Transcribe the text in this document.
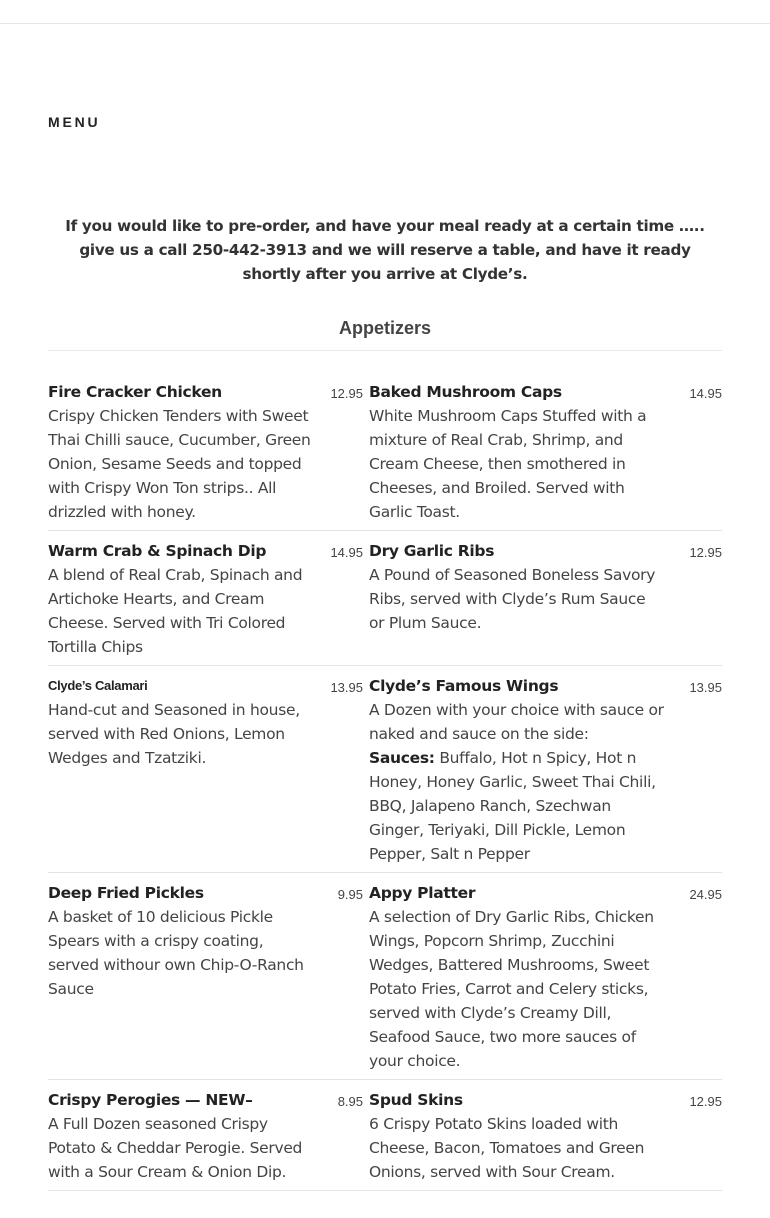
MENU
If you would like to pre-order, and have your meal ready at a certain time …..
give us a call 250-442-3913 and we will reserve a table, and have it ready shortly after you arrive at Clyde’s.
Appetizers
Fire Cracker Chicken	12.95
Crispy Chicken Tenders with Sweet Thai Chilli sauce, Cucumber, Green Onion, Sesame Seeds and topped with Crispy Won Ton strips.. All drizzled with honey.
Baked Mushroom Caps	14.95
White Mushroom Caps Stuffed with a mixture of Real Crab, Shrimp, and Cream Cheese, then smothered in Cheeses, and Broiled. Served with Garlic Toast.
Warm Crab & Spinach Dip	14.95
A blend of Real Crab, Spinach and Artichoke Hearts, and Cream Cheese. Served with Tri Colored Tortilla Chips
Dry Garlic Ribs	12.95
A Pound of Seasoned Boneless Savory Ribs, served with Clyde’s Rum Sauce or Plum Sauce.
Clyde’s Calamari	13.95
Hand-cut and Seasoned in house, served with Red Onions, Lemon Wedges and Tzatziki.
Clyde’s Famous Wings	13.95
A Dozen with your choice with sauce or naked and sauce on the side:
Sauces: Buffalo, Hot n Spicy, Hot n Honey, Honey Garlic, Sweet Thai Chili, BBQ, Jalapeno Ranch, Szechwan Ginger, Teriyaki, Dill Pickle, Lemon Pepper, Salt n Pepper
Deep Fried Pickles	9.95
A basket of 10 delicious Pickle Spears with a crispy coating, served withour own Chip-O-Ranch Sauce
Appy Platter	24.95
A selection of Dry Garlic Ribs, Chicken Wings, Popcorn Shrimp, Zucchini Wedges, Battered Mushrooms, Sweet Potato Fries, Carrot and Celery sticks, served with Clyde’s Creamy Dill, Seafood Sauce, two more sauces of your choice.
Crispy Perogies — NEW–	8.95
A Full Dozen seasoned Crispy Potato & Cheddar Perogie. Served with a Sour Cream & Onion Dip.
Spud Skins	12.95
6 Crispy Potato Skins loaded with Cheese, Bacon, Tomatoes and Green Onions, served with Sour Cream.
